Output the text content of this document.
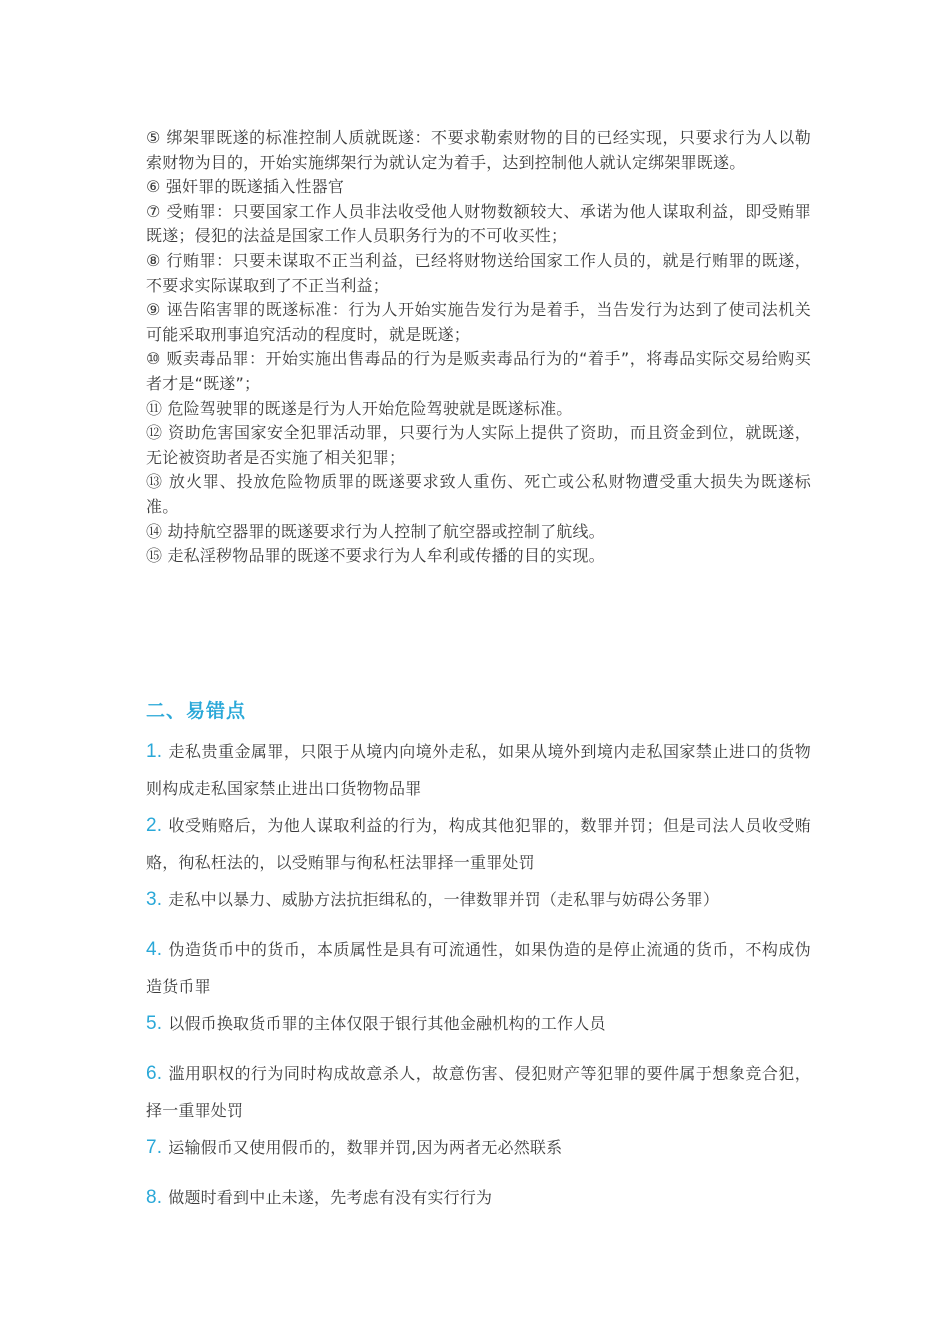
⑤ 绑架罪既遂的标准控制人质就既遂：不要求勒索财物的目的已经实现，只要求行为人以勒索财物为目的，开始实施绑架行为就认定为着手，达到控制他人就认定绑架罪既遂。

⑥ 强奸罪的既遂插入性器官

⑦ 受贿罪：只要国家工作人员非法收受他人财物数额较大、承诺为他人谋取利益，即受贿罪既遂；侵犯的法益是国家工作人员职务行为的不可收买性；

⑧ 行贿罪：只要未谋取不正当利益，已经将财物送给国家工作人员的，就是行贿罪的既遂，不要求实际谋取到了不正当利益；

⑨ 诬告陷害罪的既遂标准：行为人开始实施告发行为是着手，当告发行为达到了使司法机关可能采取刑事追究活动的程度时，就是既遂；

⑩ 贩卖毒品罪：开始实施出售毒品的行为是贩卖毒品行为的“着手”，将毒品实际交易给购买者才是“既遂”；

⑪ 危险驾驶罪的既遂是行为人开始危险驾驶就是既遂标准。

⑫ 资助危害国家安全犯罪活动罪，只要行为人实际上提供了资助，而且资金到位，就既遂，无论被资助者是否实施了相关犯罪；

⑬ 放火罪、投放危险物质罪的既遂要求致人重伤、死亡或公私财物遭受重大损失为既遂标准。

⑭ 劫持航空器罪的既遂要求行为人控制了航空器或控制了航线。

⑮ 走私淫秽物品罪的既遂不要求行为人牟利或传播的目的实现。

二、易错点

1. 走私贵重金属罪，只限于从境内向境外走私，如果从境外到境内走私国家禁止进口的货物则构成走私国家禁止进出口货物物品罪

2. 收受贿赂后，为他人谋取利益的行为，构成其他犯罪的，数罪并罚；但是司法人员收受贿赂，徇私枉法的，以受贿罪与徇私枉法罪择一重罪处罚

3. 走私中以暴力、威胁方法抗拒缉私的，一律数罪并罚（走私罪与妨碍公务罪）

4. 伪造货币中的货币，本质属性是具有可流通性，如果伪造的是停止流通的货币，不构成伪造货币罪

5. 以假币换取货币罪的主体仅限于银行其他金融机构的工作人员

6. 滥用职权的行为同时构成故意杀人，故意伤害、侵犯财产等犯罪的要件属于想象竞合犯，择一重罪处罚

7. 运输假币又使用假币的，数罪并罚,因为两者无必然联系

8. 做题时看到中止未遂，先考虑有没有实行行为
